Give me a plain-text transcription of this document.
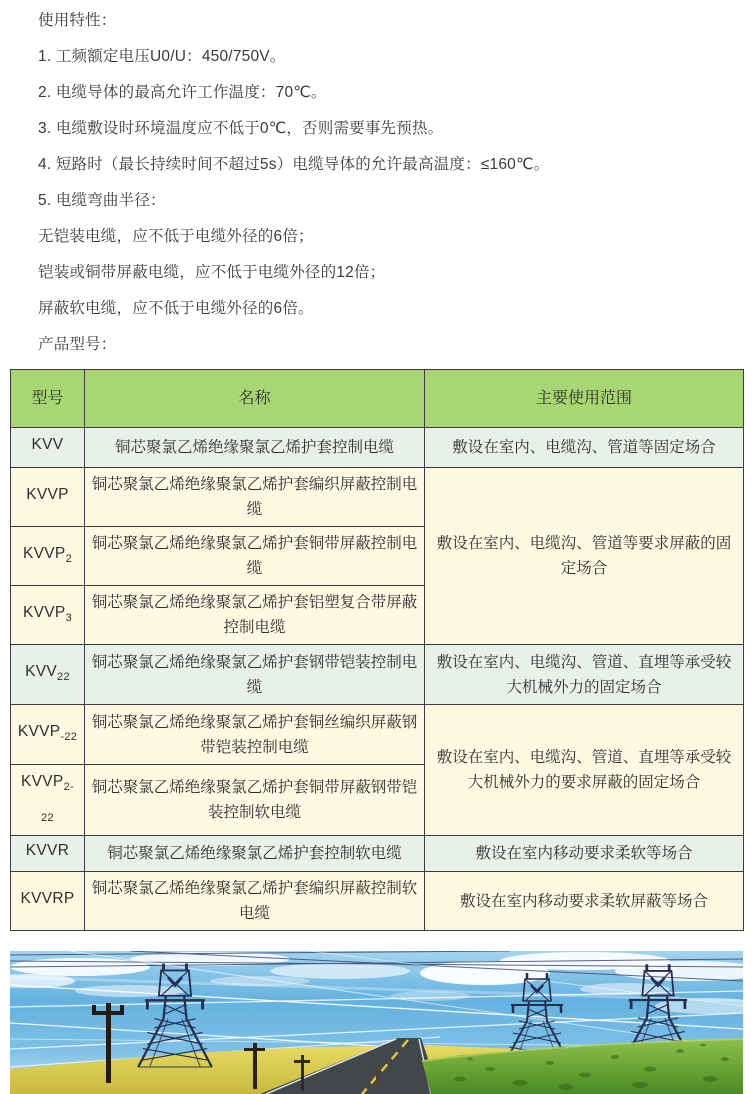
使用特性：

1. 工频额定电压U0/U：450/750V。

2. 电缆导体的最高允许工作温度：70℃。

3. 电缆敷设时环境温度应不低于0℃，否则需要事先预热。

4. 短路时（最长持续时间不超过5s）电缆导体的允许最高温度：≤160℃。

5. 电缆弯曲半径：

无铠装电缆，应不低于电缆外径的6倍；

铠装或铜带屏蔽电缆，应不低于电缆外径的12倍；

屏蔽软电缆，应不低于电缆外径的6倍。

产品型号：

型号	名称	主要使用范围
KVV	铜芯聚氯乙烯绝缘聚氯乙烯护套控制电缆	敷设在室内、电缆沟、管道等固定场合
KVVP	铜芯聚氯乙烯绝缘聚氯乙烯护套编织屏蔽控制电缆	敷设在室内、电缆沟、管道等要求屏蔽的固定场合
$KVVP_2$	铜芯聚氯乙烯绝缘聚氯乙烯护套铜带屏蔽控制电缆	
$KVVP_3$	铜芯聚氯乙烯绝缘聚氯乙烯护套铝塑复合带屏蔽控制电缆	
$KVV_{22}$	铜芯聚氯乙烯绝缘聚氯乙烯护套钢带铠装控制电缆	敷设在室内、电缆沟、管道、直埋等承受较大机械外力的固定场合
$KVVP_{-22}$	铜芯聚氯乙烯绝缘聚氯乙烯护套铜丝编织屏蔽钢带铠装控制电缆	敷设在室内、电缆沟、管道、直埋等承受较大机械外力的要求屏蔽的固定场合
$KVVP_{2-22}$	铜芯聚氯乙烯绝缘聚氯乙烯护套铜带屏蔽钢带铠装控制软电缆	
KVVR	铜芯聚氯乙烯绝缘聚氯乙烯护套控制软电缆	敷设在室内移动要求柔软等场合
KVVRP	铜芯聚氯乙烯绝缘聚氯乙烯护套编织屏蔽控制软电缆	敷设在室内移动要求柔软屏蔽等场合
